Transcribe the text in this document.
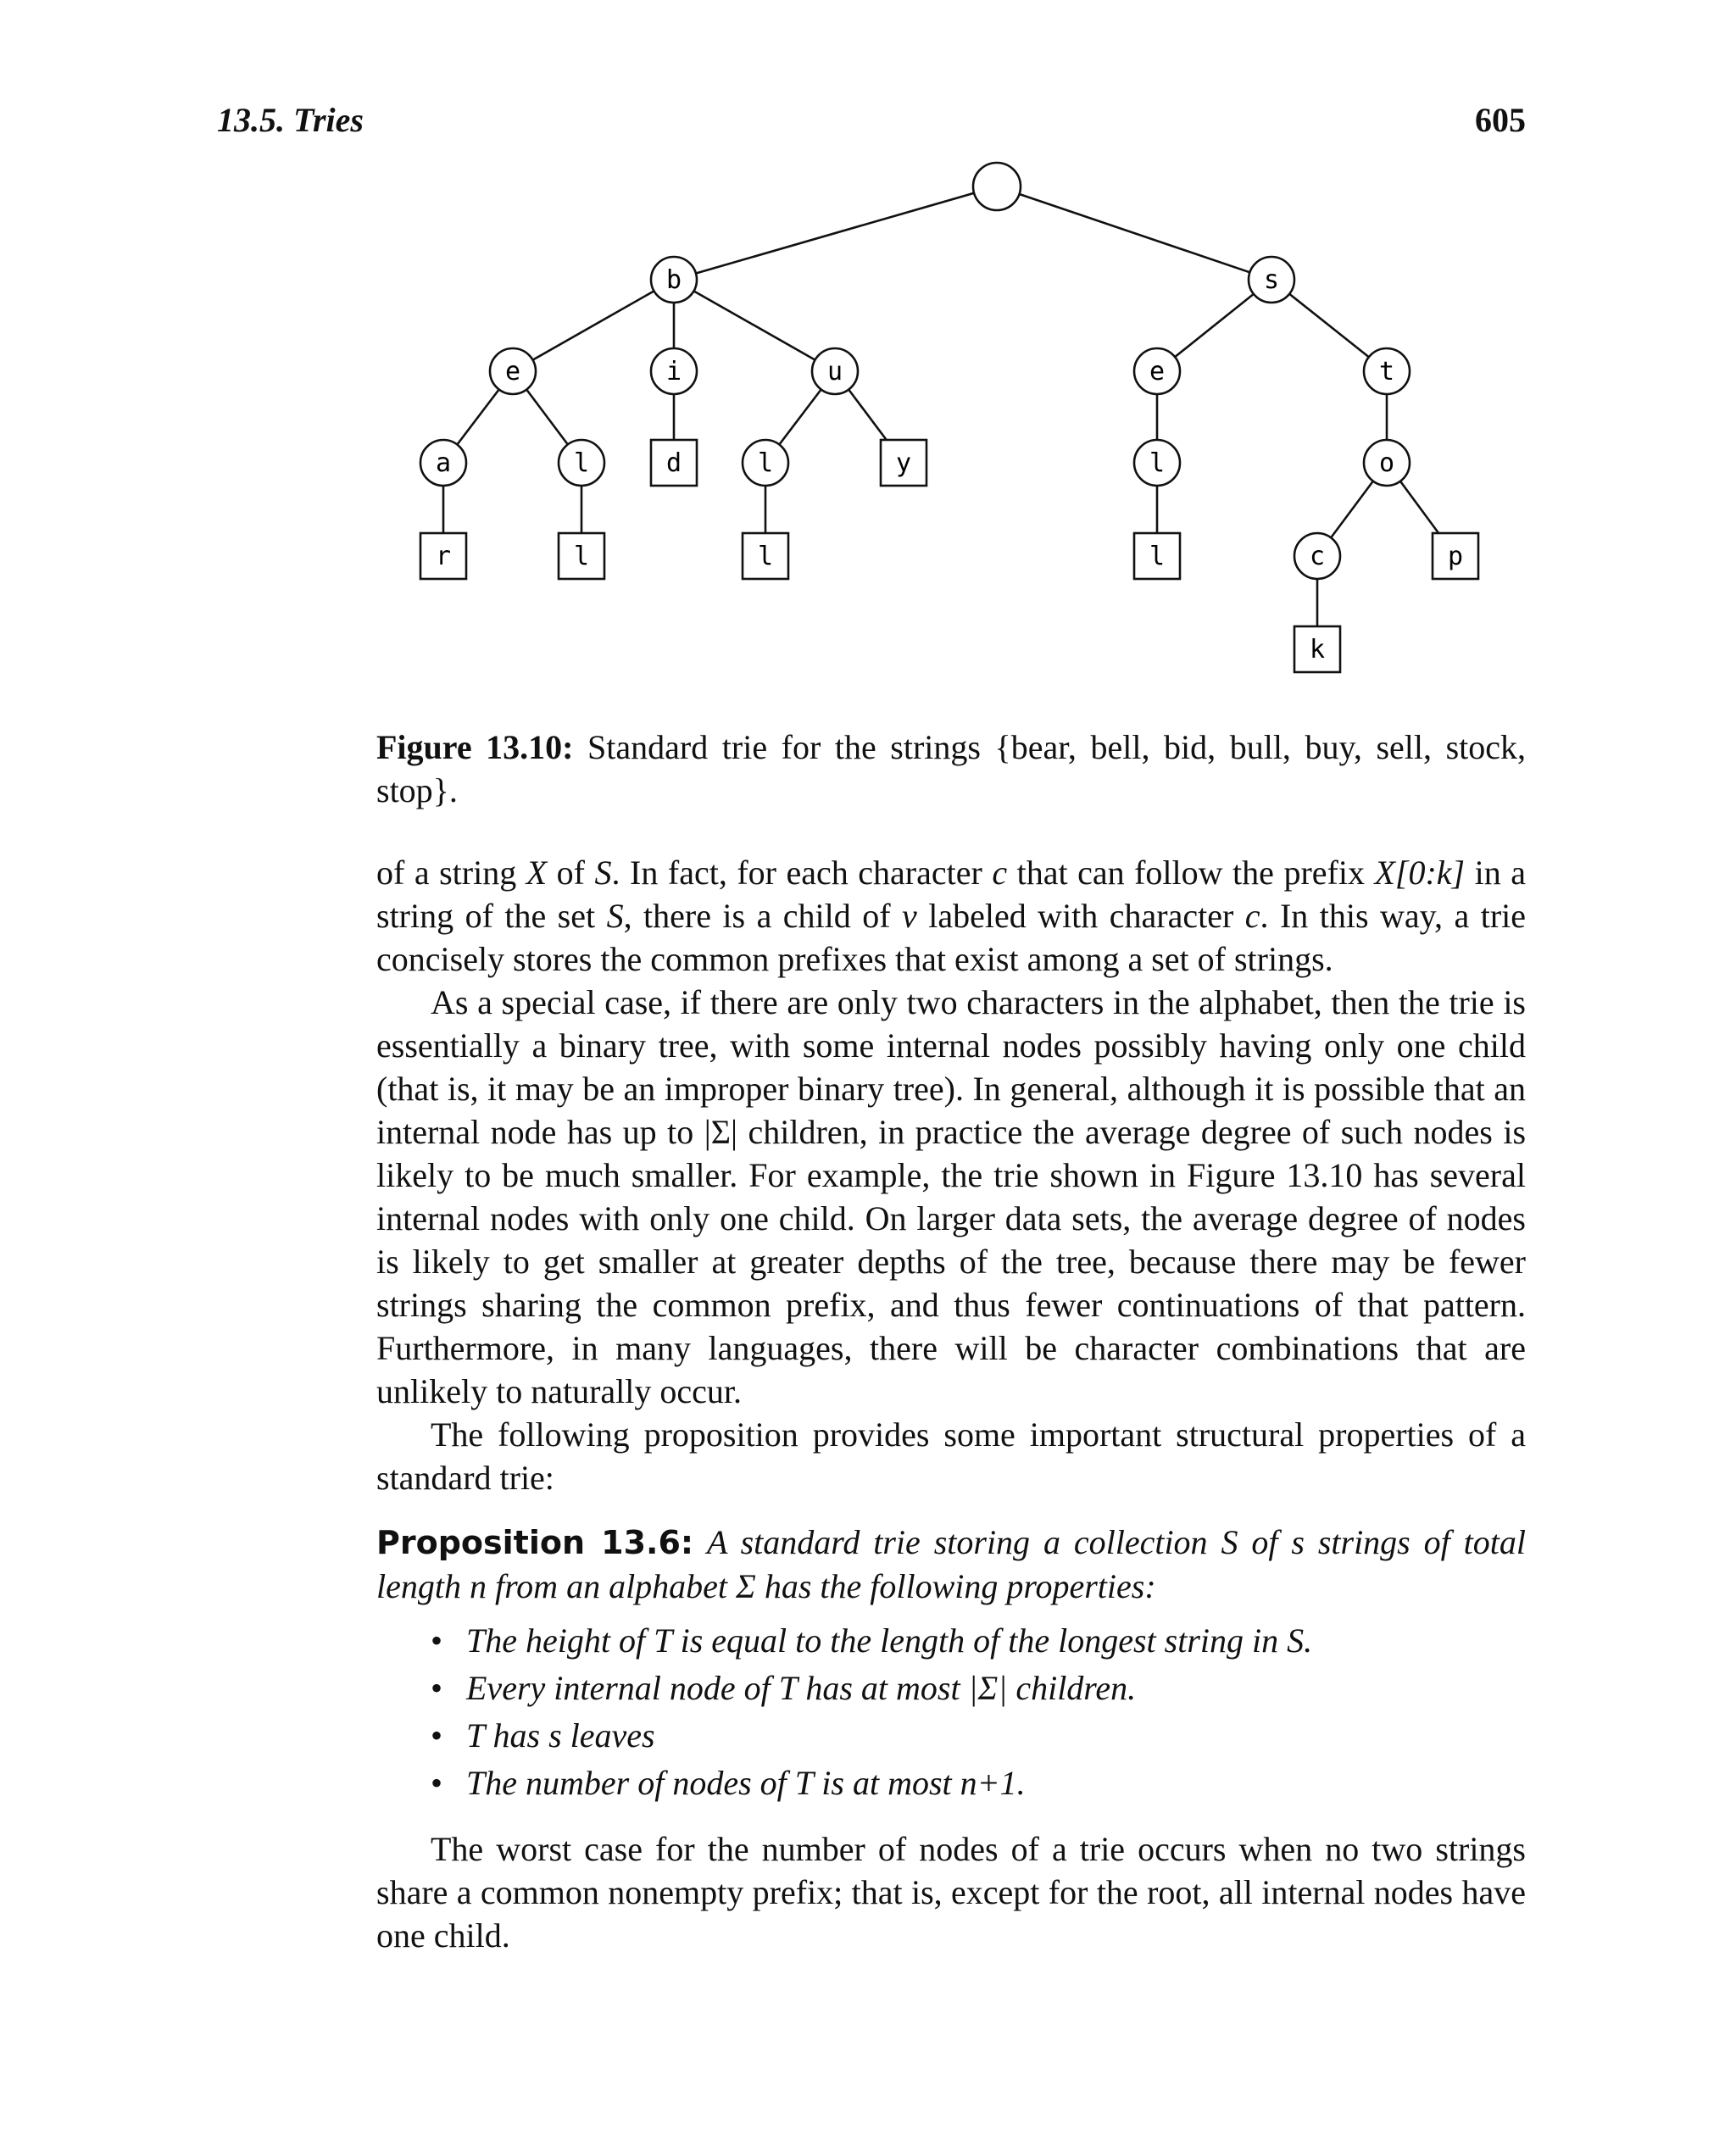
13.5. Tries	605
b	s
e	i	u	e	t
a	l	d	l	y	l	o
r	l	l	l	c	p
k
Figure 13.10: Standard trie for the strings {bear, bell, bid, bull, buy, sell, stock, stop}.

of a string X of S. In fact, for each character c that can follow the prefix X[0:k] in a string of the set S, there is a child of v labeled with character c. In this way, a trie concisely stores the common prefixes that exist among a set of strings.

As a special case, if there are only two characters in the alphabet, then the trie is essentially a binary tree, with some internal nodes possibly having only one child (that is, it may be an improper binary tree). In general, although it is possible that an internal node has up to |Σ| children, in practice the average degree of such nodes is likely to be much smaller. For example, the trie shown in Figure 13.10 has several internal nodes with only one child. On larger data sets, the average degree of nodes is likely to get smaller at greater depths of the tree, because there may be fewer strings sharing the common prefix, and thus fewer continuations of that pattern. Furthermore, in many languages, there will be character combinations that are unlikely to naturally occur.

The following proposition provides some important structural properties of a standard trie:

Proposition 13.6: A standard trie storing a collection S of s strings of total length n from an alphabet Σ has the following properties:
• The height of T is equal to the length of the longest string in S.
• Every internal node of T has at most |Σ| children.
• T has s leaves
• The number of nodes of T is at most n+1.

The worst case for the number of nodes of a trie occurs when no two strings share a common nonempty prefix; that is, except for the root, all internal nodes have one child.
